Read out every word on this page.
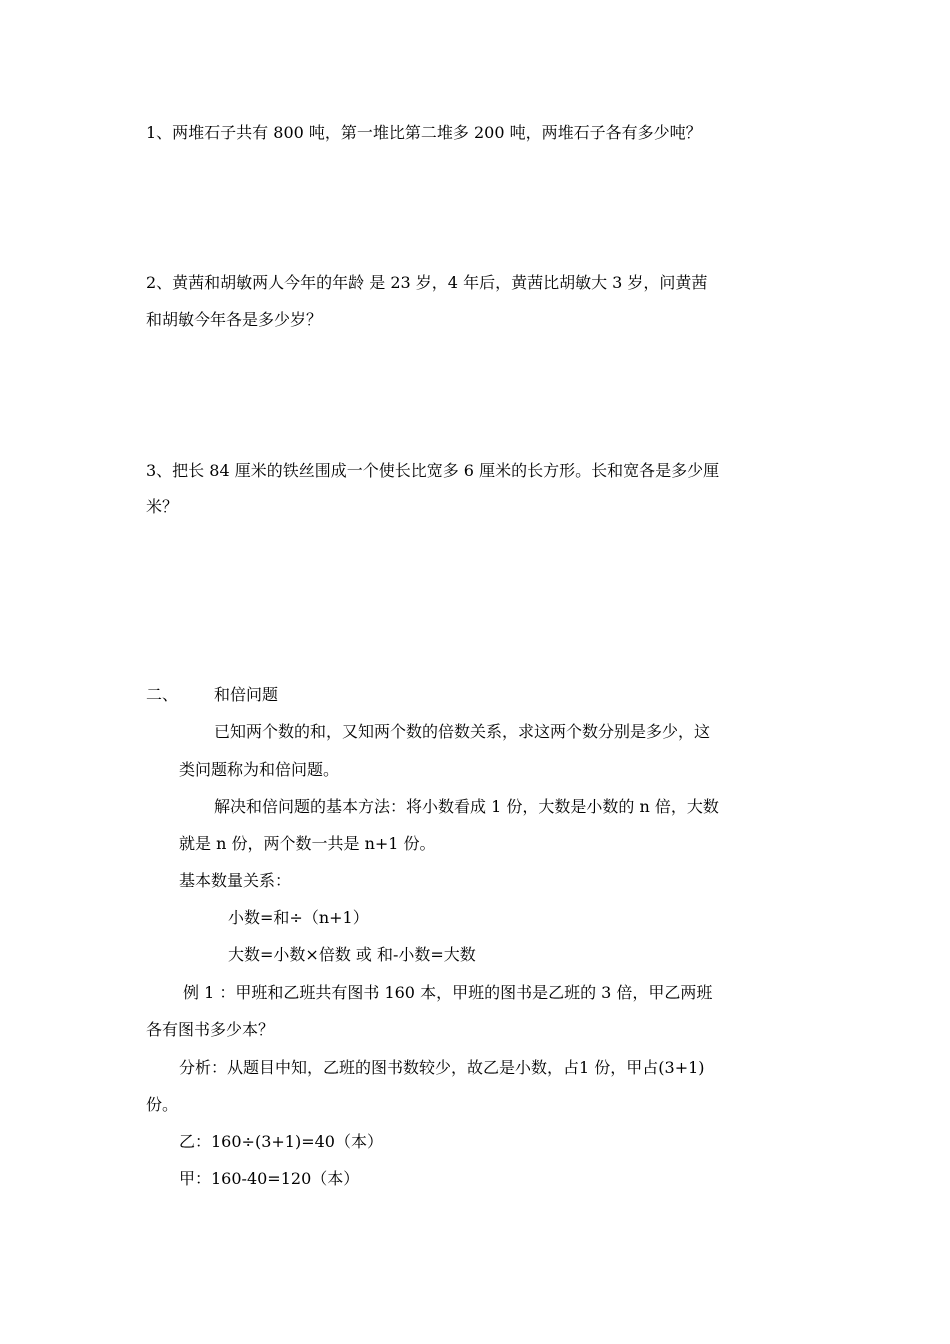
1、两堆石子共有 800 吨，第一堆比第二堆多 200 吨，两堆石子各有多少吨？
2、黄茜和胡敏两人今年的年龄 是 23 岁，4 年后，黄茜比胡敏大 3 岁，问黄茜
和胡敏今年各是多少岁？
3、把长 84 厘米的铁丝围成一个使长比宽多 6 厘米的长方形。长和宽各是多少厘
米？
二、 和倍问题
已知两个数的和，又知两个数的倍数关系，求这两个数分别是多少，这
类问题称为和倍问题。
解决和倍问题的基本方法：将小数看成 1 份，大数是小数的 n 倍，大数
就是 n 份，两个数一共是 n+1 份。
基本数量关系：
小数=和÷（n+1）
大数=小数×倍数 或 和-小数=大数
例 1 ：甲班和乙班共有图书 160 本，甲班的图书是乙班的 3 倍，甲乙两班
各有图书多少本？
分析：从题目中知，乙班的图书数较少，故乙是小数，占1 份，甲占(3+1)
份。
乙：160÷(3+1)=40（本）
甲：160-40=120（本）
